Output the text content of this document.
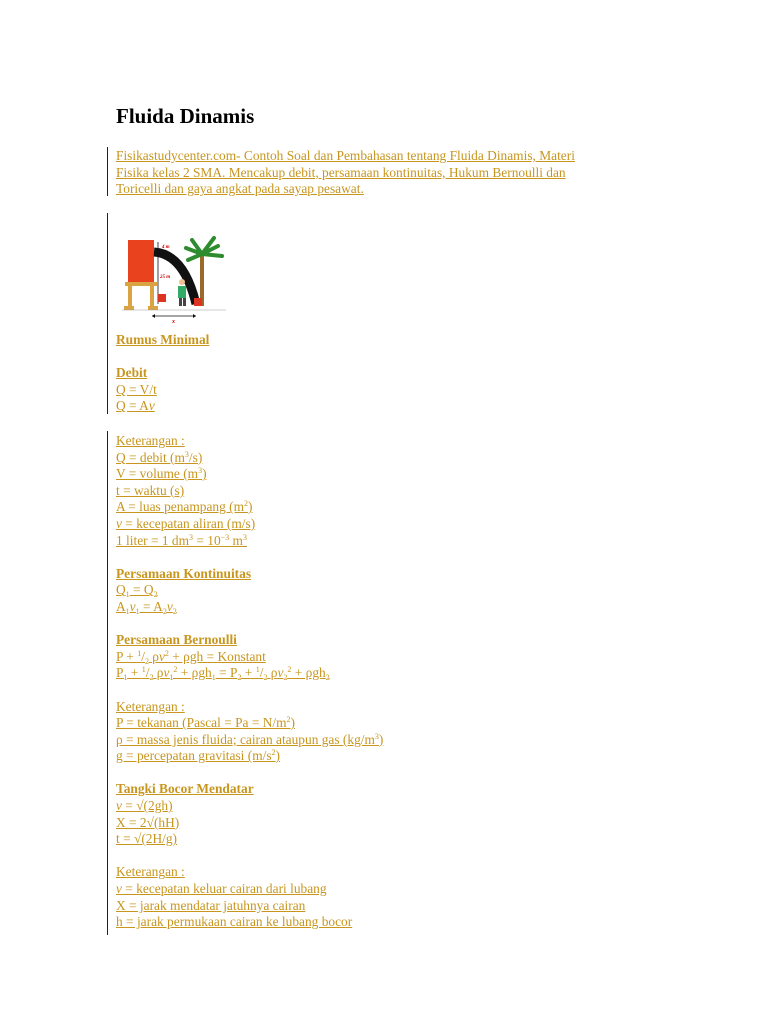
Fluida Dinamis
Fisikastudycenter.com- Contoh Soal dan Pembahasan tentang Fluida Dinamis, Materi
Fisika kelas 2 SMA. Mencakup debit, persamaan kontinuitas, Hukum Bernoulli dan
Toricelli dan gaya angkat pada sayap pesawat.
4 m
25 m
x
Rumus Minimal
Debit
Q = V/t
Q = Av
Keterangan :
Q = debit $(m^3/s)$
V = volume $(m^3)$
t = waktu (s)
A = luas penampang $(m^2)$
v = kecepatan aliran (m/s)
1 liter = 1 $dm^3 = 10^{-3}$ $m^3$
Persamaan Kontinuitas
$Q_1 = Q_2$
$A_1v_1 = A_2v_2$
Persamaan Bernoulli
$P + ^1/_2$ $\rho v^2 + \rho gh$ = Konstant
$P_1 + ^1/_2$ $\rho v_1^2 + \rho gh_1 = P_2 + ^1/_2$ $\rho v_2^2 + \rho gh_2$
Keterangan :
P = tekanan (Pascal = $Pa = N/m^2$)
ρ = massa jenis fluida; cairan ataupun gas $(kg/m^3)$
g = percepatan gravitasi $(m/s^2)$
Tangki Bocor Mendatar
v = √(2gh)
X = 2√(hH)
t = √(2H/g)
Keterangan :
v = kecepatan keluar cairan dari lubang
X = jarak mendatar jatuhnya cairan
h = jarak permukaan cairan ke lubang bocor
